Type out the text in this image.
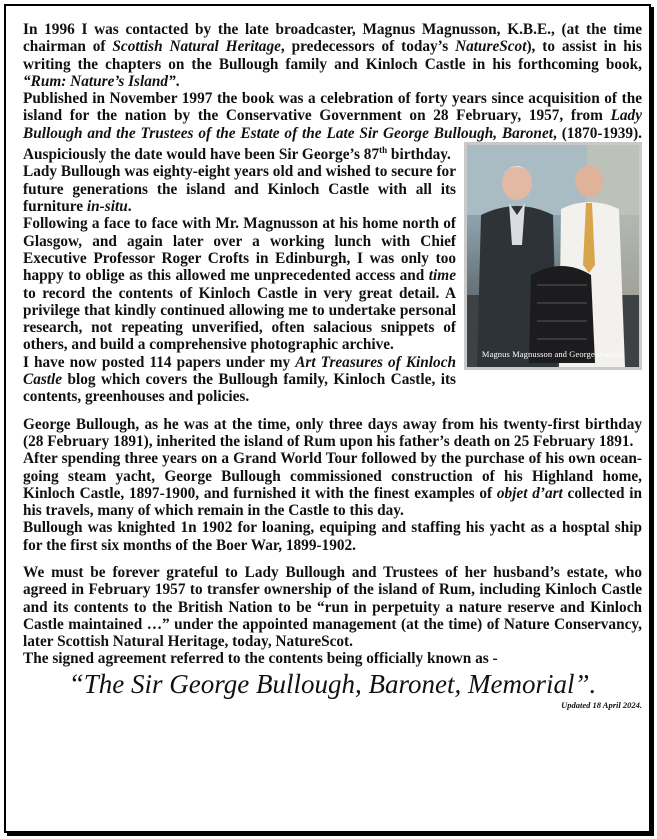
In 1996 I was contacted by the late broadcaster, Magnus Magnusson, K.B.E., (at the time chairman of Scottish Natural Heritage, predecessors of today’s NatureScot), to assist in his writing the chapters on the Bullough family and Kinloch Castle in his forthcoming book, “Rum: Nature’s Island”.

Published in November 1997 the book was a celebration of forty years since acquisition of the island for the nation by the Conservative Government on 28 February, 1957, from Lady Bullough and the Trustees of the Estate of the Late Sir George Bullough, Baronet
Magnus Magnusson and George Randall
, (1870-1939). Auspiciously the date would have been Sir George’s 87th birthday.

Lady Bullough was eighty-eight years old and wished to secure for future generations the island and Kinloch Castle with all its furniture in-situ.

Following a face to face with Mr. Magnusson at his home north of Glasgow, and again later over a working lunch with Chief Executive Professor Roger Crofts in Edinburgh, I was only too happy to oblige as this allowed me unprecedented access and time to record the contents of Kinloch Castle in very great detail. A privilege that kindly continued allowing me to undertake personal research, not repeating unverified, often salacious snippets of others, and build a comprehensive photographic archive.

I have now posted 114 papers under my Art Treasures of Kinloch Castle blog which covers the Bullough family, Kinloch Castle, its contents, greenhouses and policies.

George Bullough, as he was at the time, only three days away from his twenty-first birthday (28 February 1891), inherited the island of Rum upon his father’s death on 25 February 1891.

After spending three years on a Grand World Tour followed by the purchase of his own ocean-going steam yacht, George Bullough commissioned construction of his Highland home, Kinloch Castle, 1897-1900, and furnished it with the finest examples of objet d’art collected in his travels, many of which remain in the Castle to this day.

Bullough was knighted 1n 1902 for loaning, equiping and staffing his yacht as a hosptal ship for the first six months of the Boer War, 1899-1902.

We must be forever grateful to Lady Bullough and Trustees of her husband’s estate, who agreed in February 1957 to transfer ownership of the island of Rum, including Kinloch Castle and its contents to the British Nation to be “run in perpetuity a nature reserve and Kinloch Castle maintained …” under the appointed management (at the time) of Nature Conservancy, later Scottish Natural Heritage, today, NatureScot.

The signed agreement referred to the contents being officially known as -

“The Sir George Bullough, Baronet, Memorial”.

Updated 18 April 2024.
